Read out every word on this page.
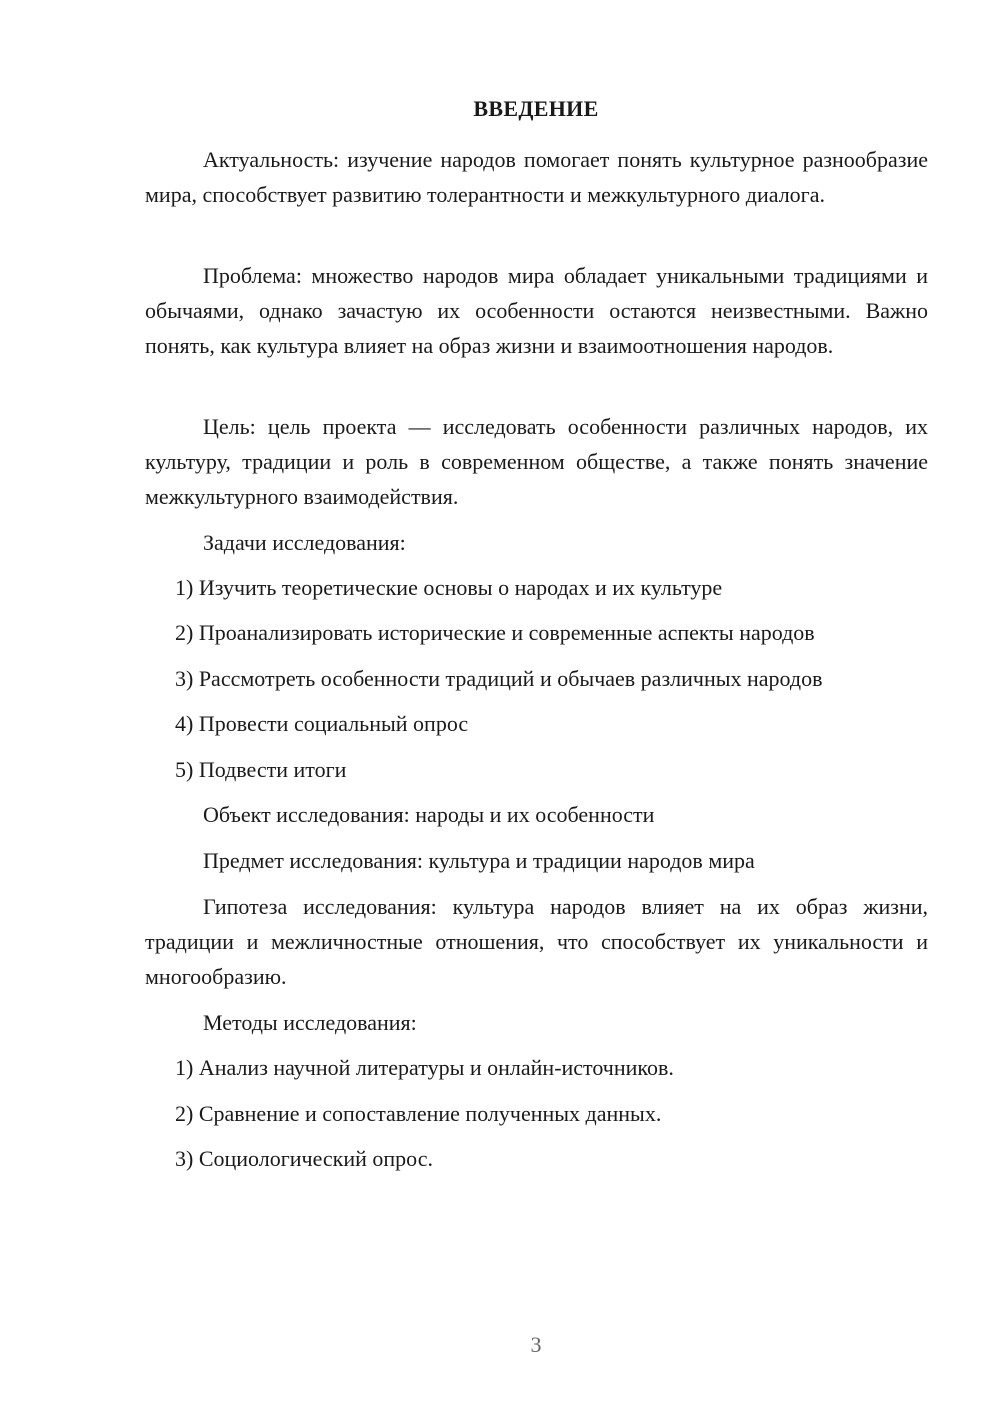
ВВЕДЕНИЕ
Актуальность: изучение народов помогает понять культурное разнообразие мира, способствует развитию толерантности и межкультурного диалога.
Проблема: множество народов мира обладает уникальными традициями и обычаями, однако зачастую их особенности остаются неизвестными. Важно понять, как культура влияет на образ жизни и взаимоотношения народов.
Цель: цель проекта — исследовать особенности различных народов, их культуру, традиции и роль в современном обществе, а также понять значение межкультурного взаимодействия.
Задачи исследования:
1) Изучить теоретические основы о народах и их культуре
2) Проанализировать исторические и современные аспекты народов
3) Рассмотреть особенности традиций и обычаев различных народов
4) Провести социальный опрос
5) Подвести итоги
Объект исследования: народы и их особенности
Предмет исследования: культура и традиции народов мира
Гипотеза исследования: культура народов влияет на их образ жизни, традиции и межличностные отношения, что способствует их уникальности и многообразию.
Методы исследования:
1) Анализ научной литературы и онлайн-источников.
2) Сравнение и сопоставление полученных данных.
3) Социологический опрос.
3
